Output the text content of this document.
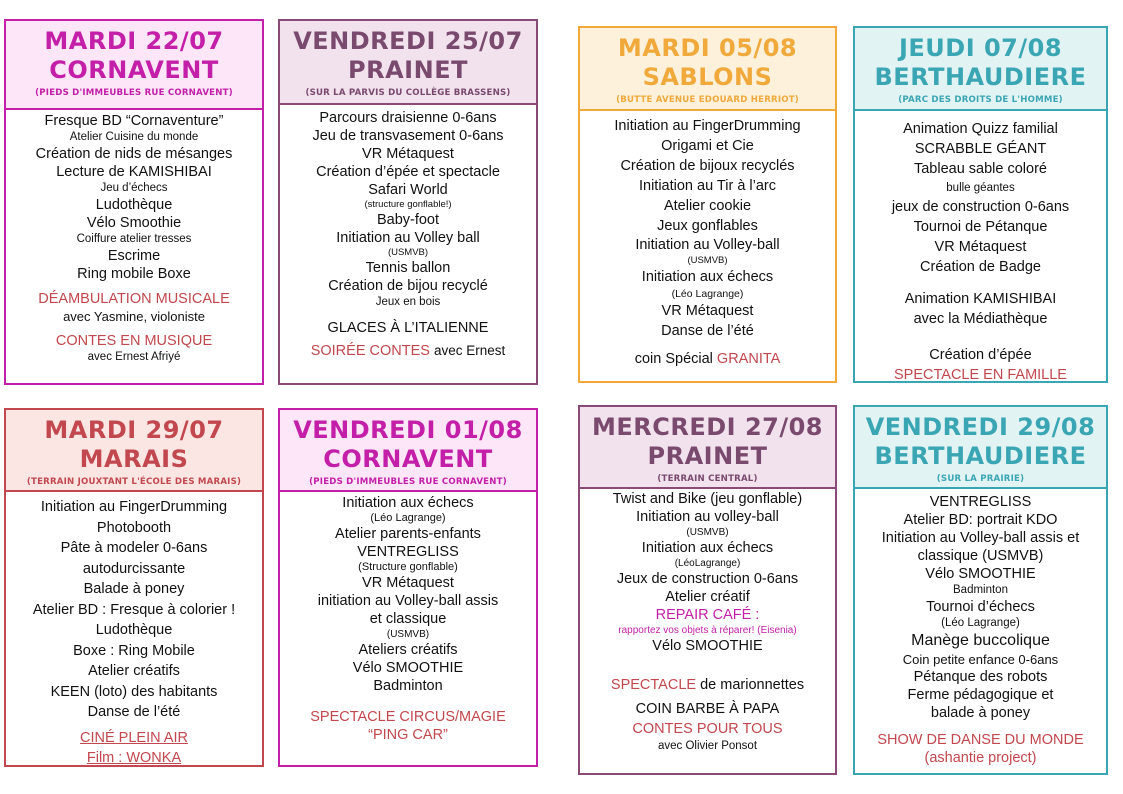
MARDI 22/07
CORNAVENT
(PIEDS D'IMMEUBLES RUE CORNAVENT)
Fresque BD “Cornaventure”
Atelier Cuisine du monde
Création de nids de mésanges
Lecture de KAMISHIBAI
Jeu d’échecs
Ludothèque
Vélo Smoothie
Coiffure atelier tresses
Escrime
Ring mobile Boxe
DÉAMBULATION MUSICALE
avec Yasmine, violoniste
CONTES EN MUSIQUE
avec Ernest Afriyé
VENDREDI 25/07
PRAINET
(SUR LA PARVIS DU COLLÈGE BRASSENS)
Parcours draisienne 0-6ans
Jeu de transvasement 0-6ans
VR Métaquest
Création d’épée et spectacle
Safari World
(structure gonflable!)
Baby-foot
Initiation au Volley ball
(USMVB)
Tennis ballon
Création de bijou recyclé
Jeux en bois
GLACES À L’ITALIENNE
SOIRÉE CONTES avec Ernest
MARDI 05/08
SABLONS
(BUTTE AVENUE EDOUARD HERRIOT)
Initiation au FingerDrumming
Origami et Cie
Création de bijoux recyclés
Initiation au Tir à l’arc
Atelier cookie
Jeux gonflables
Initiation au Volley-ball
(USMVB)
Initiation aux échecs
(Léo Lagrange)
VR Métaquest
Danse de l’été
coin Spécial GRANITA
JEUDI 07/08
BERTHAUDIERE
(PARC DES DROITS DE L'HOMME)
Animation Quizz familial
SCRABBLE GÉANT
Tableau sable coloré
bulle géantes
jeux de construction 0-6ans
Tournoi de Pétanque
VR Métaquest
Création de Badge
Animation KAMISHIBAI
avec la Médiathèque
Création d’épée
SPECTACLE EN FAMILLE
MARDI 29/07
MARAIS
(TERRAIN JOUXTANT L'ÉCOLE DES MARAIS)
Initiation au FingerDrumming
Photobooth
Pâte à modeler 0-6ans
autodurcissante
Balade à poney
Atelier BD : Fresque à colorier !
Ludothèque
Boxe : Ring Mobile
Atelier créatifs
KEEN (loto) des habitants
Danse de l’été
CINÉ PLEIN AIR
Film : WONKA
VENDREDI 01/08
CORNAVENT
(PIEDS D'IMMEUBLES RUE CORNAVENT)
Initiation aux échecs
(Léo Lagrange)
Atelier parents-enfants
VENTREGLISS
(Structure gonflable)
VR Métaquest
initiation au Volley-ball assis
et classique
(USMVB)
Ateliers créatifs
Vélo SMOOTHIE
Badminton
SPECTACLE CIRCUS/MAGIE
“PING CAR”
MERCREDI 27/08
PRAINET
(TERRAIN CENTRAL)
Twist and Bike (jeu gonflable)
Initiation au volley-ball
(USMVB)
Initiation aux échecs
(LéoLagrange)
Jeux de construction 0-6ans
Atelier créatif
REPAIR CAFÉ :
rapportez vos objets à réparer! (Eisenia)
Vélo SMOOTHIE
SPECTACLE de marionnettes
COIN BARBE À PAPA
CONTES POUR TOUS
avec Olivier Ponsot
VENDREDI 29/08
BERTHAUDIERE
(SUR LA PRAIRIE)
VENTREGLISS
Atelier BD: portrait KDO
Initiation au Volley-ball assis et
classique (USMVB)
Vélo SMOOTHIE
Badminton
Tournoi d’échecs
(Léo Lagrange)
Manège buccolique
Coin petite enfance 0-6ans
Pétanque des robots
Ferme pédagogique et
balade à poney
SHOW DE DANSE DU MONDE
(ashantie project)
